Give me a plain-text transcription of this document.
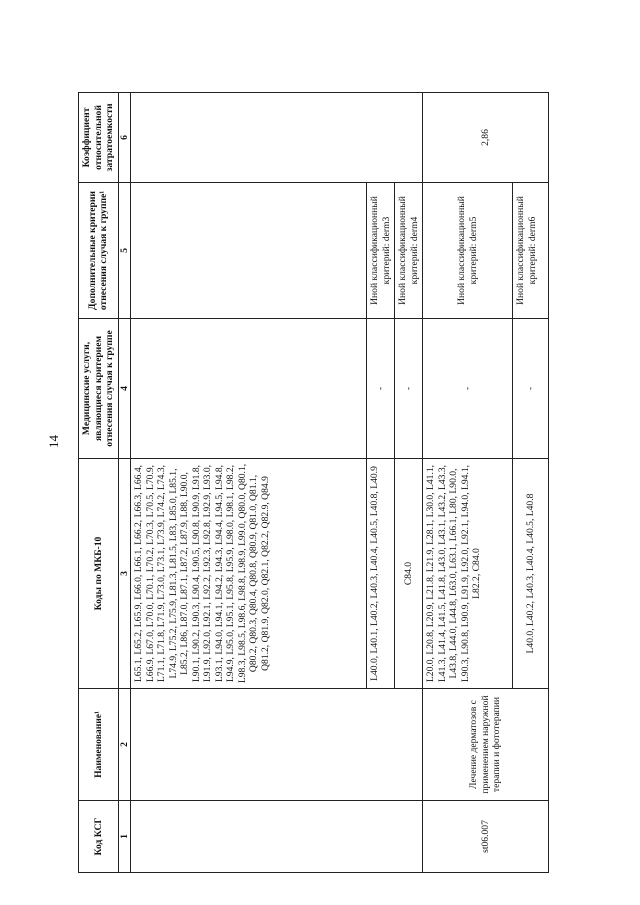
14
Код КСГ	Наименование¹	Коды по МКБ-10	Медицинские услуги, являющиеся критерием отнесения случая к группе	Дополнительные критерии отнесения случая к группе¹	Коэффициент относительной затратоемкости
1	2	3	4	5	6
		L65.1, L65.2, L65.9, L66.0, L66.1, L66.2, L66.3, L66.4, L66.9, L67.0, L70.0, L70.1, L70.2, L70.3, L70.5, L70.9, L71.1, L71.8, L71.9, L73.0, L73.1, L73.9, L74.2, L74.3, L74.9, L75.2, L75.9, L81.3, L81.5, L83, L85.0, L85.1, L85.2, L86, L87.0, L87.1, L87.2, L87.9, L88, L90.0, L90.1, L90.2, L90.3, L90.4, L90.5, L90.8, L90.9, L91.8, L91.9, L92.0, L92.1, L92.2, L92.3, L92.8, L92.9, L93.0, L93.1, L94.0, L94.1, L94.2, L94.3, L94.4, L94.5, L94.8, L94.9, L95.0, L95.1, L95.8, L95.9, L98.0, L98.1, L98.2, L98.3, L98.5, L98.6, L98.8, L98.9, L99.0, Q80.0, Q80.1, Q80.2, Q80.3, Q80.4, Q80.8, Q80.9, Q81.0, Q81.1, Q81.2, Q81.9, Q82.0, Q82.1, Q82.2, Q82.9, Q84.9			
		L40.0, L40.1, L40.2, L40.3, L40.4, L40.5, L40.8, L40.9	-	Иной классификационный критерий: derm3	
		C84.0	-	Иной классификационный критерий: derm4	
st06.007	Лечение дерматозов с применением наружной терапии и фототерапии	L20.0, L20.8, L20.9, L21.8, L21.9, L28.1, L30.0, L41.1, L41.3, L41.4, L41.5, L41.8, L43.0, L43.1, L43.2, L43.3, L43.8, L44.0, L44.8, L63.0, L63.1, L66.1, L80, L90.0, L90.3, L90.8, L90.9, L91.9, L92.0, L92.1, L94.0, L94.1, L82.2, C84.0	-	Иной классификационный критерий: derm5	2,86
		L40.0, L40.2, L40.3, L40.4, L40.5, L40.8	-	Иной классификационный критерий: derm6	
